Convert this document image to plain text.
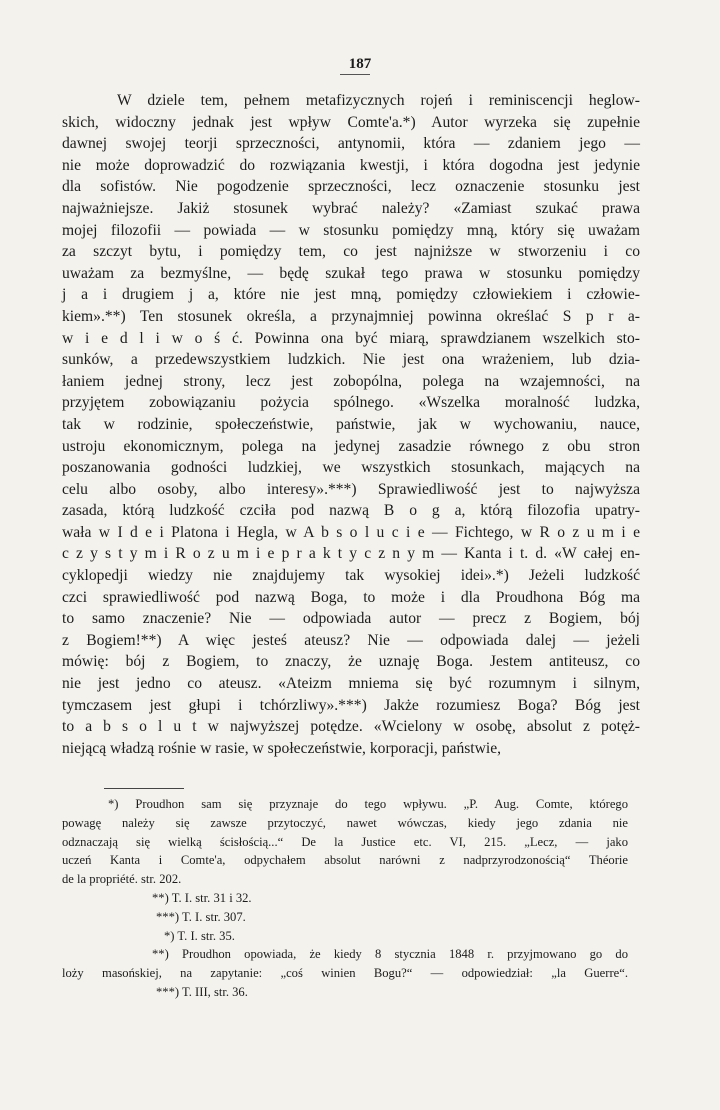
187
W dziele tem, pełnem metafizycznych rojeń i reminiscencji heglow-
skich, widoczny jednak jest wpływ Comte'a.*) Autor wyrzeka się zupełnie
dawnej swojej teorji sprzeczności, antynomii, która — zdaniem jego —
nie może doprowadzić do rozwiązania kwestji, i która dogodna jest jedynie
dla sofistów. Nie pogodzenie sprzeczności, lecz oznaczenie stosunku jest
najważniejsze. Jakiż stosunek wybrać należy? «Zamiast szukać prawa
mojej filozofii — powiada — w stosunku pomiędzy mną, który się uważam
za szczyt bytu, i pomiędzy tem, co jest najniższe w stworzeniu i co
uważam za bezmyślne, — będę szukał tego prawa w stosunku pomiędzy
j a i drugiem j a, które nie jest mną, pomiędzy człowiekiem i człowie-
kiem».**) Ten stosunek określa, a przynajmniej powinna określać S p r a-
w i e d l i w o ś ć. Powinna ona być miarą, sprawdzianem wszelkich sto-
sunków, a przedewszystkiem ludzkich. Nie jest ona wrażeniem, lub dzia-
łaniem jednej strony, lecz jest zobopólna, polega na wzajemności, na
przyjętem zobowiązaniu pożycia spólnego. «Wszelka moralność ludzka,
tak w rodzinie, społeczeństwie, państwie, jak w wychowaniu, nauce,
ustroju ekonomicznym, polega na jedynej zasadzie równego z obu stron
poszanowania godności ludzkiej, we wszystkich stosunkach, mających na
celu albo osoby, albo interesy».***) Sprawiedliwość jest to najwyższa
zasada, którą ludzkość czciła pod nazwą B o g a, którą filozofia upatry-
wała w I d e i Platona i Hegla, w A b s o l u c i e — Fichtego, w R o z u m i e
c z y s t y m i R o z u m i e p r a k t y c z n y m — Kanta i t. d. «W całej en-
cyklopedji wiedzy nie znajdujemy tak wysokiej idei».*) Jeżeli ludzkość
czci sprawiedliwość pod nazwą Boga, to może i dla Proudhona Bóg ma
to samo znaczenie? Nie — odpowiada autor — precz z Bogiem, bój
z Bogiem!**) A więc jesteś ateusz? Nie — odpowiada dalej — jeżeli
mówię: bój z Bogiem, to znaczy, że uznaję Boga. Jestem antiteusz, co
nie jest jedno co ateusz. «Ateizm mniema się być rozumnym i silnym,
tymczasem jest głupi i tchórzliwy».***) Jakże rozumiesz Boga? Bóg jest
to a b s o l u t w najwyższej potędze. «Wcielony w osobę, absolut z potęż-
niejącą władzą rośnie w rasie, w społeczeństwie, korporacji, państwie,
*) Proudhon sam się przyznaje do tego wpływu. „P. Aug. Comte, którego
powagę należy się zawsze przytoczyć, nawet wówczas, kiedy jego zdania nie
odznaczają się wielką ścisłością...“ De la Justice etc. VI, 215. „Lecz, — jako
uczeń Kanta i Comte'a, odpychałem absolut narówni z nadprzyrodzonością“ Théorie
de la propriété. str. 202.
**) T. I. str. 31 i 32.
***) T. I. str. 307.
*) T. I. str. 35.
**) Proudhon opowiada, że kiedy 8 stycznia 1848 r. przyjmowano go do
loży masońskiej, na zapytanie: „coś winien Bogu?“ — odpowiedział: „la Guerre“.
***) T. III, str. 36.
